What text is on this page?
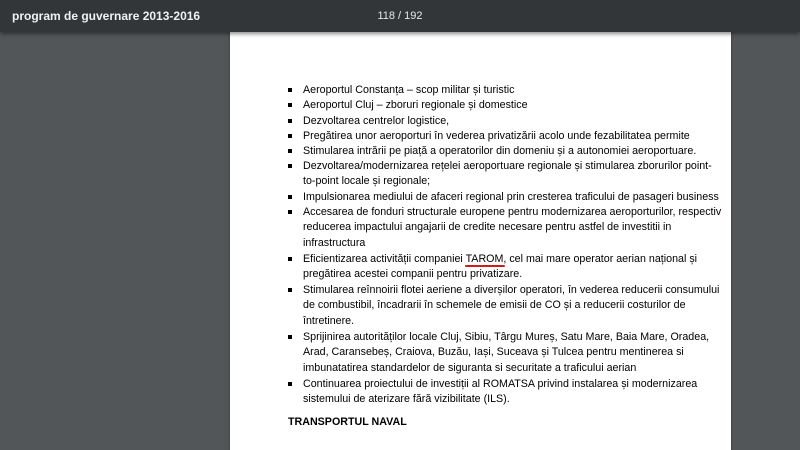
program de guvernare 2013-2016	118 / 192
Aeroportul Constanța – scop militar și turistic
Aeroportul Cluj – zboruri regionale și domestice
Dezvoltarea centrelor logistice,
Pregătirea unor aeroporturi în vederea privatizării acolo unde fezabilitatea permite
Stimularea intrării pe piață a operatorilor din domeniu și a autonomiei aeroportuare.
Dezvoltarea/modernizarea rețelei aeroportuare regionale și stimularea zborurilor point-
to-point locale și regionale;
Impulsionarea mediului de afaceri regional prin cresterea traficului de pasageri business
Accesarea de fonduri structurale europene pentru modernizarea aeroporturilor, respectiv
reducerea impactului angajarii de credite necesare pentru astfel de investitii in
infrastructura
Eficientizarea activității companiei TAROM, cel mai mare operator aerian național și
pregătirea acestei companii pentru privatizare.
Stimularea reînnoirii flotei aeriene a diverșilor operatori, în vederea reducerii consumului
de combustibil, încadrarii în schemele de emisii de CO și a reducerii costurilor de
întretinere.
Sprijinirea autorităților locale Cluj, Sibiu, Târgu Mureș, Satu Mare, Baia Mare, Oradea,
Arad, Caransebeș, Craiova, Buzău, Iași, Suceava și Tulcea pentru mentinerea si
imbunatatirea standardelor de siguranta si securitate a traficului aerian
Continuarea proiectului de investiții al ROMATSA privind instalarea și modernizarea
sistemului de aterizare fără vizibilitate (ILS).
TRANSPORTUL NAVAL
